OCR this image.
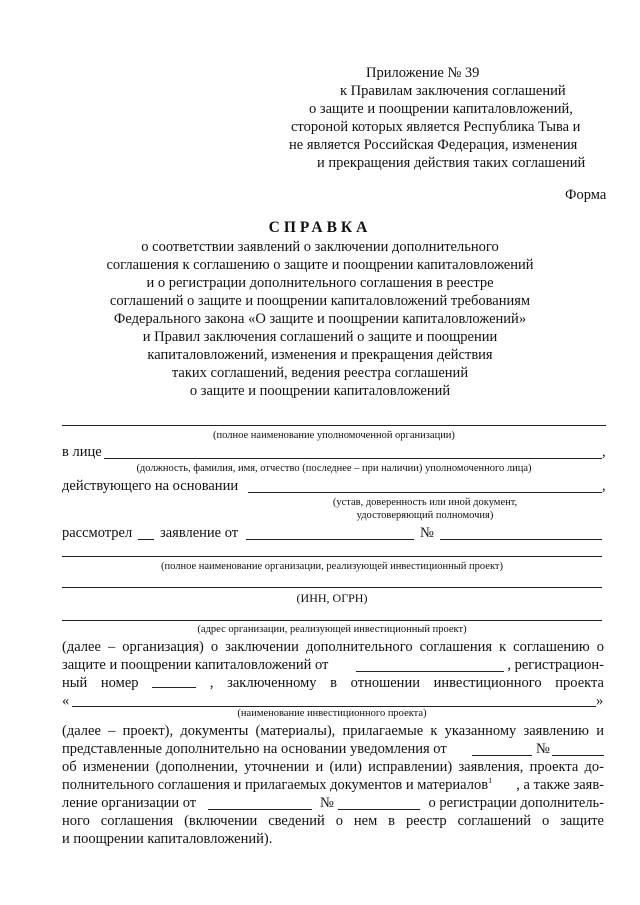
Приложение № 39
к Правилам заключения соглашений
о защите и поощрении капиталовложений,
стороной которых является Республика Тыва и
не является Российская Федерация, изменения
и прекращения действия таких соглашений
Форма
СПРАВКА
о соответствии заявлений о заключении дополнительного
соглашения к соглашению о защите и поощрении капиталовложений
и о регистрации дополнительного соглашения в реестре
соглашений о защите и поощрении капиталовложений требованиям
Федерального закона «О защите и поощрении капиталовложений»
и Правил заключения соглашений о защите и поощрении
капиталовложений, изменения и прекращения действия
таких соглашений, ведения реестра соглашений
о защите и поощрении капиталовложений
(полное наименование уполномоченной организации)
в лице	,
(должность, фамилия, имя, отчество (последнее – при наличии) уполномоченного лица)
действующего на основании	,
(устав, доверенность или иной документ,
удостоверяющий полномочия)
рассмотрел заявление от	№
(полное наименование организации, реализующей инвестиционный проект)
(ИНН, ОГРН)
(адрес организации, реализующей инвестиционный проект)
(далее – организация) о заключении дополнительного соглашения к соглашению о
защите и поощрении капиталовложений от	, регистрацион-
ный номер	, заключенному в отношении инвестиционного проекта
«	»
(наименование инвестиционного проекта)
(далее – проект), документы (материалы), прилагаемые к указанному заявлению и
представленные дополнительно на основании уведомления от	№
об изменении (дополнении, уточнении и (или) исправлении) заявления, проекта до-
полнительного соглашения и прилагаемых документов и материалов$^1$ , а также заяв-
ление организации от	№	о регистрации дополнитель-
ного соглашения (включении сведений о нем в реестр соглашений о защите
и поощрении капиталовложений).
